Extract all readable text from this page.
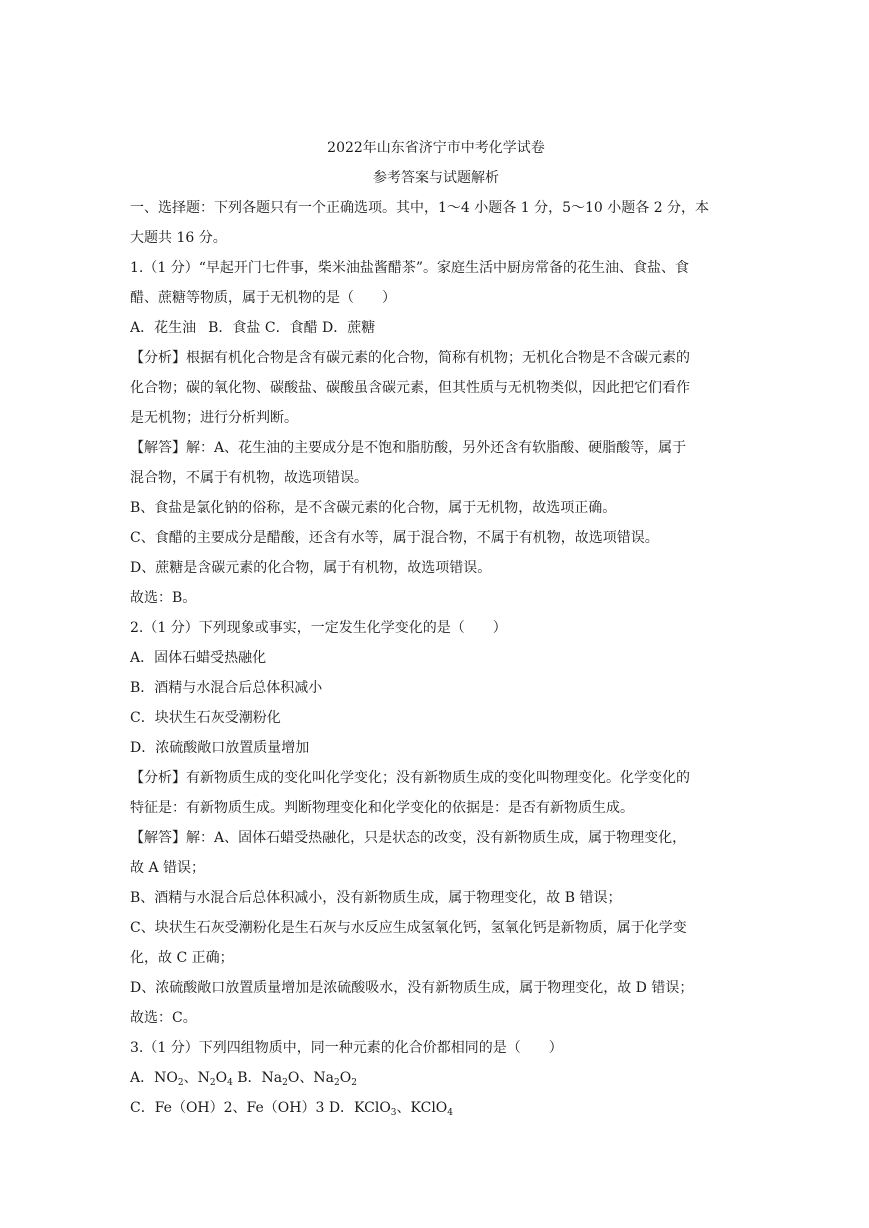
2022年山东省济宁市中考化学试卷
参考答案与试题解析
一、选择题：下列各题只有一个正确选项。其中，1～4 小题各 1 分，5～10 小题各 2 分，本
大题共 16 分。
1.（1 分）“早起开门七件事，柴米油盐酱醋茶”。家庭生活中厨房常备的花生油、食盐、食
醋、蔗糖等物质，属于无机物的是（　　）
A．花生油 B．食盐 C．食醋 D．蔗糖
【分析】根据有机化合物是含有碳元素的化合物，简称有机物；无机化合物是不含碳元素的
化合物；碳的氧化物、碳酸盐、碳酸虽含碳元素，但其性质与无机物类似，因此把它们看作
是无机物；进行分析判断。
【解答】解：A、花生油的主要成分是不饱和脂肪酸，另外还含有软脂酸、硬脂酸等，属于
混合物，不属于有机物，故选项错误。
B、食盐是氯化钠的俗称，是不含碳元素的化合物，属于无机物，故选项正确。
C、食醋的主要成分是醋酸，还含有水等，属于混合物，不属于有机物，故选项错误。
D、蔗糖是含碳元素的化合物，属于有机物，故选项错误。
故选：B。
2.（1 分）下列现象或事实，一定发生化学变化的是（　　）
A．固体石蜡受热融化
B．酒精与水混合后总体积减小
C．块状生石灰受潮粉化
D．浓硫酸敞口放置质量增加
【分析】有新物质生成的变化叫化学变化；没有新物质生成的变化叫物理变化。化学变化的
特征是：有新物质生成。判断物理变化和化学变化的依据是：是否有新物质生成。
【解答】解：A、固体石蜡受热融化，只是状态的改变，没有新物质生成，属于物理变化，
故 A 错误；
B、酒精与水混合后总体积减小，没有新物质生成，属于物理变化，故 B 错误；
C、块状生石灰受潮粉化是生石灰与水反应生成氢氧化钙，氢氧化钙是新物质，属于化学变
化，故 C 正确；
D、浓硫酸敞口放置质量增加是浓硫酸吸水，没有新物质生成，属于物理变化，故 D 错误；
故选：C。
3.（1 分）下列四组物质中，同一种元素的化合价都相同的是（　　）
A．$NO_2$、$N_2O_4$ B．$Na_2O$、$Na_2O_2$
C．Fe（OH）2、Fe（OH）3 D．KClO$_3$、KClO$_4$
